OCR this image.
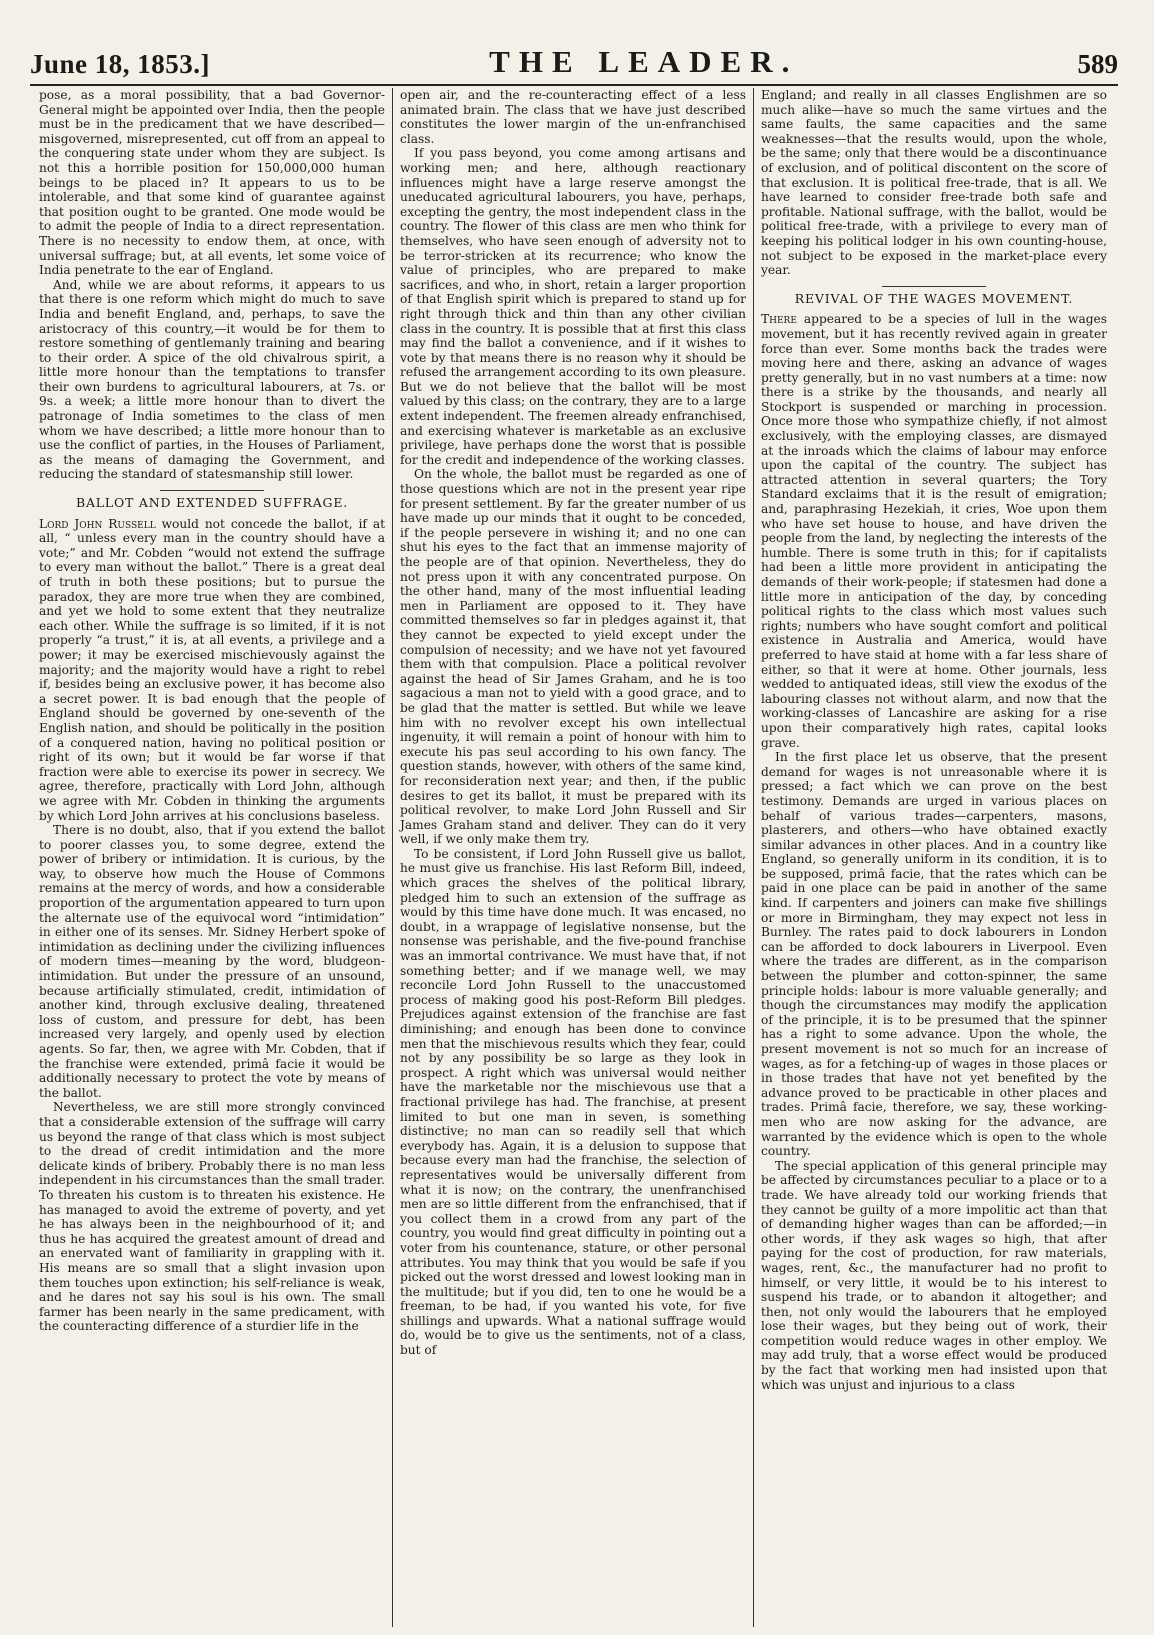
June 18, 1853.]	THE LEADER.	589

pose, as a moral possibility, that a bad Governor-General might be appointed over India, then the people must be in the predicament that we have described—misgoverned, misrepresented, cut off from an appeal to the conquering state under whom they are subject. Is not this a horrible position for 150,000,000 human beings to be placed in? It appears to us to be intolerable, and that some kind of guarantee against that position ought to be granted. One mode would be to admit the people of India to a direct representation. There is no necessity to endow them, at once, with universal suffrage; but, at all events, let some voice of India penetrate to the ear of England.

And, while we are about reforms, it appears to us that there is one reform which might do much to save India and benefit England, and, perhaps, to save the aristocracy of this country,—it would be for them to restore something of gentlemanly training and bearing to their order. A spice of the old chivalrous spirit, a little more honour than the temptations to transfer their own burdens to agricultural labourers, at 7s. or 9s. a week; a little more honour than to divert the patronage of India sometimes to the class of men whom we have described; a little more honour than to use the conflict of parties, in the Houses of Parliament, as the means of damaging the Government, and reducing the standard of statesmanship still lower.

BALLOT AND EXTENDED SUFFRAGE.

Lord John Russell would not concede the ballot, if at all, “ unless every man in the country should have a vote;” and Mr. Cobden “would not extend the suffrage to every man without the ballot.” There is a great deal of truth in both these positions; but to pursue the paradox, they are more true when they are combined, and yet we hold to some extent that they neutralize each other. While the suffrage is so limited, if it is not properly “a trust,” it is, at all events, a privilege and a power; it may be exercised mischievously against the majority; and the majority would have a right to rebel if, besides being an exclusive power, it has become also a secret power. It is bad enough that the people of England should be governed by one-seventh of the English nation, and should be politically in the position of a conquered nation, having no political position or right of its own; but it would be far worse if that fraction were able to exercise its power in secrecy. We agree, therefore, practically with Lord John, although we agree with Mr. Cobden in thinking the arguments by which Lord John arrives at his conclusions baseless.

There is no doubt, also, that if you extend the ballot to poorer classes you, to some degree, extend the power of bribery or intimidation. It is curious, by the way, to observe how much the House of Commons remains at the mercy of words, and how a considerable proportion of the argumentation appeared to turn upon the alternate use of the equivocal word “intimidation” in either one of its senses. Mr. Sidney Herbert spoke of intimidation as declining under the civilizing influences of modern times—meaning by the word, bludgeon-intimidation. But under the pressure of an unsound, because artificially stimulated, credit, intimidation of another kind, through exclusive dealing, threatened loss of custom, and pressure for debt, has been increased very largely, and openly used by election agents. So far, then, we agree with Mr. Cobden, that if the franchise were extended, primâ facie it would be additionally necessary to protect the vote by means of the ballot.

Nevertheless, we are still more strongly convinced that a considerable extension of the suffrage will carry us beyond the range of that class which is most subject to the dread of credit intimidation and the more delicate kinds of bribery. Probably there is no man less independent in his circumstances than the small trader. To threaten his custom is to threaten his existence. He has managed to avoid the extreme of poverty, and yet he has always been in the neighbourhood of it; and thus he has acquired the greatest amount of dread and an enervated want of familiarity in grappling with it. His means are so small that a slight invasion upon them touches upon extinction; his self-reliance is weak, and he dares not say his soul is his own. The small farmer has been nearly in the same predicament, with the counteracting difference of a sturdier life in the

open air, and the re-counteracting effect of a less animated brain. The class that we have just described constitutes the lower margin of the un-enfranchised class.

If you pass beyond, you come among artisans and working men; and here, although reactionary influences might have a large reserve amongst the uneducated agricultural labourers, you have, perhaps, excepting the gentry, the most independent class in the country. The flower of this class are men who think for themselves, who have seen enough of adversity not to be terror-stricken at its recurrence; who know the value of principles, who are prepared to make sacrifices, and who, in short, retain a larger proportion of that English spirit which is prepared to stand up for right through thick and thin than any other civilian class in the country. It is possible that at first this class may find the ballot a convenience, and if it wishes to vote by that means there is no reason why it should be refused the arrangement according to its own pleasure. But we do not believe that the ballot will be most valued by this class; on the contrary, they are to a large extent independent. The freemen already enfranchised, and exercising whatever is marketable as an exclusive privilege, have perhaps done the worst that is possible for the credit and independence of the working classes.

On the whole, the ballot must be regarded as one of those questions which are not in the present year ripe for present settlement. By far the greater number of us have made up our minds that it ought to be conceded, if the people persevere in wishing it; and no one can shut his eyes to the fact that an immense majority of the people are of that opinion. Nevertheless, they do not press upon it with any concentrated purpose. On the other hand, many of the most influential leading men in Parliament are opposed to it. They have committed themselves so far in pledges against it, that they cannot be expected to yield except under the compulsion of necessity; and we have not yet favoured them with that compulsion. Place a political revolver against the head of Sir James Graham, and he is too sagacious a man not to yield with a good grace, and to be glad that the matter is settled. But while we leave him with no revolver except his own intellectual ingenuity, it will remain a point of honour with him to execute his pas seul according to his own fancy. The question stands, however, with others of the same kind, for reconsideration next year; and then, if the public desires to get its ballot, it must be prepared with its political revolver, to make Lord John Russell and Sir James Graham stand and deliver. They can do it very well, if we only make them try.

To be consistent, if Lord John Russell give us ballot, he must give us franchise. His last Reform Bill, indeed, which graces the shelves of the political library, pledged him to such an extension of the suffrage as would by this time have done much. It was encased, no doubt, in a wrappage of legislative nonsense, but the nonsense was perishable, and the five-pound franchise was an immortal contrivance. We must have that, if not something better; and if we manage well, we may reconcile Lord John Russell to the unaccustomed process of making good his post-Reform Bill pledges. Prejudices against extension of the franchise are fast diminishing; and enough has been done to convince men that the mischievous results which they fear, could not by any possibility be so large as they look in prospect. A right which was universal would neither have the marketable nor the mischievous use that a fractional privilege has had. The franchise, at present limited to but one man in seven, is something distinctive; no man can so readily sell that which everybody has. Again, it is a delusion to suppose that because every man had the franchise, the selection of representatives would be universally different from what it is now; on the contrary, the unenfranchised men are so little different from the enfranchised, that if you collect them in a crowd from any part of the country, you would find great difficulty in pointing out a voter from his countenance, stature, or other personal attributes. You may think that you would be safe if you picked out the worst dressed and lowest looking man in the multitude; but if you did, ten to one he would be a freeman, to be had, if you wanted his vote, for five shillings and upwards. What a national suffrage would do, would be to give us the sentiments, not of a class, but of

England; and really in all classes Englishmen are so much alike—have so much the same virtues and the same faults, the same capacities and the same weaknesses—that the results would, upon the whole, be the same; only that there would be a discontinuance of exclusion, and of political discontent on the score of that exclusion. It is political free-trade, that is all. We have learned to consider free-trade both safe and profitable. National suffrage, with the ballot, would be political free-trade, with a privilege to every man of keeping his political lodger in his own counting-house, not subject to be exposed in the market-place every year.

REVIVAL OF THE WAGES MOVEMENT.

There appeared to be a species of lull in the wages movement, but it has recently revived again in greater force than ever. Some months back the trades were moving here and there, asking an advance of wages pretty generally, but in no vast numbers at a time: now there is a strike by the thousands, and nearly all Stockport is suspended or marching in procession. Once more those who sympathize chiefly, if not almost exclusively, with the employing classes, are dismayed at the inroads which the claims of labour may enforce upon the capital of the country. The subject has attracted attention in several quarters; the Tory Standard exclaims that it is the result of emigration; and, paraphrasing Hezekiah, it cries, Woe upon them who have set house to house, and have driven the people from the land, by neglecting the interests of the humble. There is some truth in this; for if capitalists had been a little more provident in anticipating the demands of their work-people; if statesmen had done a little more in anticipation of the day, by conceding political rights to the class which most values such rights; numbers who have sought comfort and political existence in Australia and America, would have preferred to have staid at home with a far less share of either, so that it were at home. Other journals, less wedded to antiquated ideas, still view the exodus of the labouring classes not without alarm, and now that the working-classes of Lancashire are asking for a rise upon their comparatively high rates, capital looks grave.

In the first place let us observe, that the present demand for wages is not unreasonable where it is pressed; a fact which we can prove on the best testimony. Demands are urged in various places on behalf of various trades—carpenters, masons, plasterers, and others—who have obtained exactly similar advances in other places. And in a country like England, so generally uniform in its condition, it is to be supposed, primâ facie, that the rates which can be paid in one place can be paid in another of the same kind. If carpenters and joiners can make five shillings or more in Birmingham, they may expect not less in Burnley. The rates paid to dock labourers in London can be afforded to dock labourers in Liverpool. Even where the trades are different, as in the comparison between the plumber and cotton-spinner, the same principle holds: labour is more valuable generally; and though the circumstances may modify the application of the principle, it is to be presumed that the spinner has a right to some advance. Upon the whole, the present movement is not so much for an increase of wages, as for a fetching-up of wages in those places or in those trades that have not yet benefited by the advance proved to be practicable in other places and trades. Primâ facie, therefore, we say, these working-men who are now asking for the advance, are warranted by the evidence which is open to the whole country.

The special application of this general principle may be affected by circumstances peculiar to a place or to a trade. We have already told our working friends that they cannot be guilty of a more impolitic act than that of demanding higher wages than can be afforded;—in other words, if they ask wages so high, that after paying for the cost of production, for raw materials, wages, rent, &c., the manufacturer had no profit to himself, or very little, it would be to his interest to suspend his trade, or to abandon it altogether; and then, not only would the labourers that he employed lose their wages, but they being out of work, their competition would reduce wages in other employ. We may add truly, that a worse effect would be produced by the fact that working men had insisted upon that which was unjust and injurious to a class
